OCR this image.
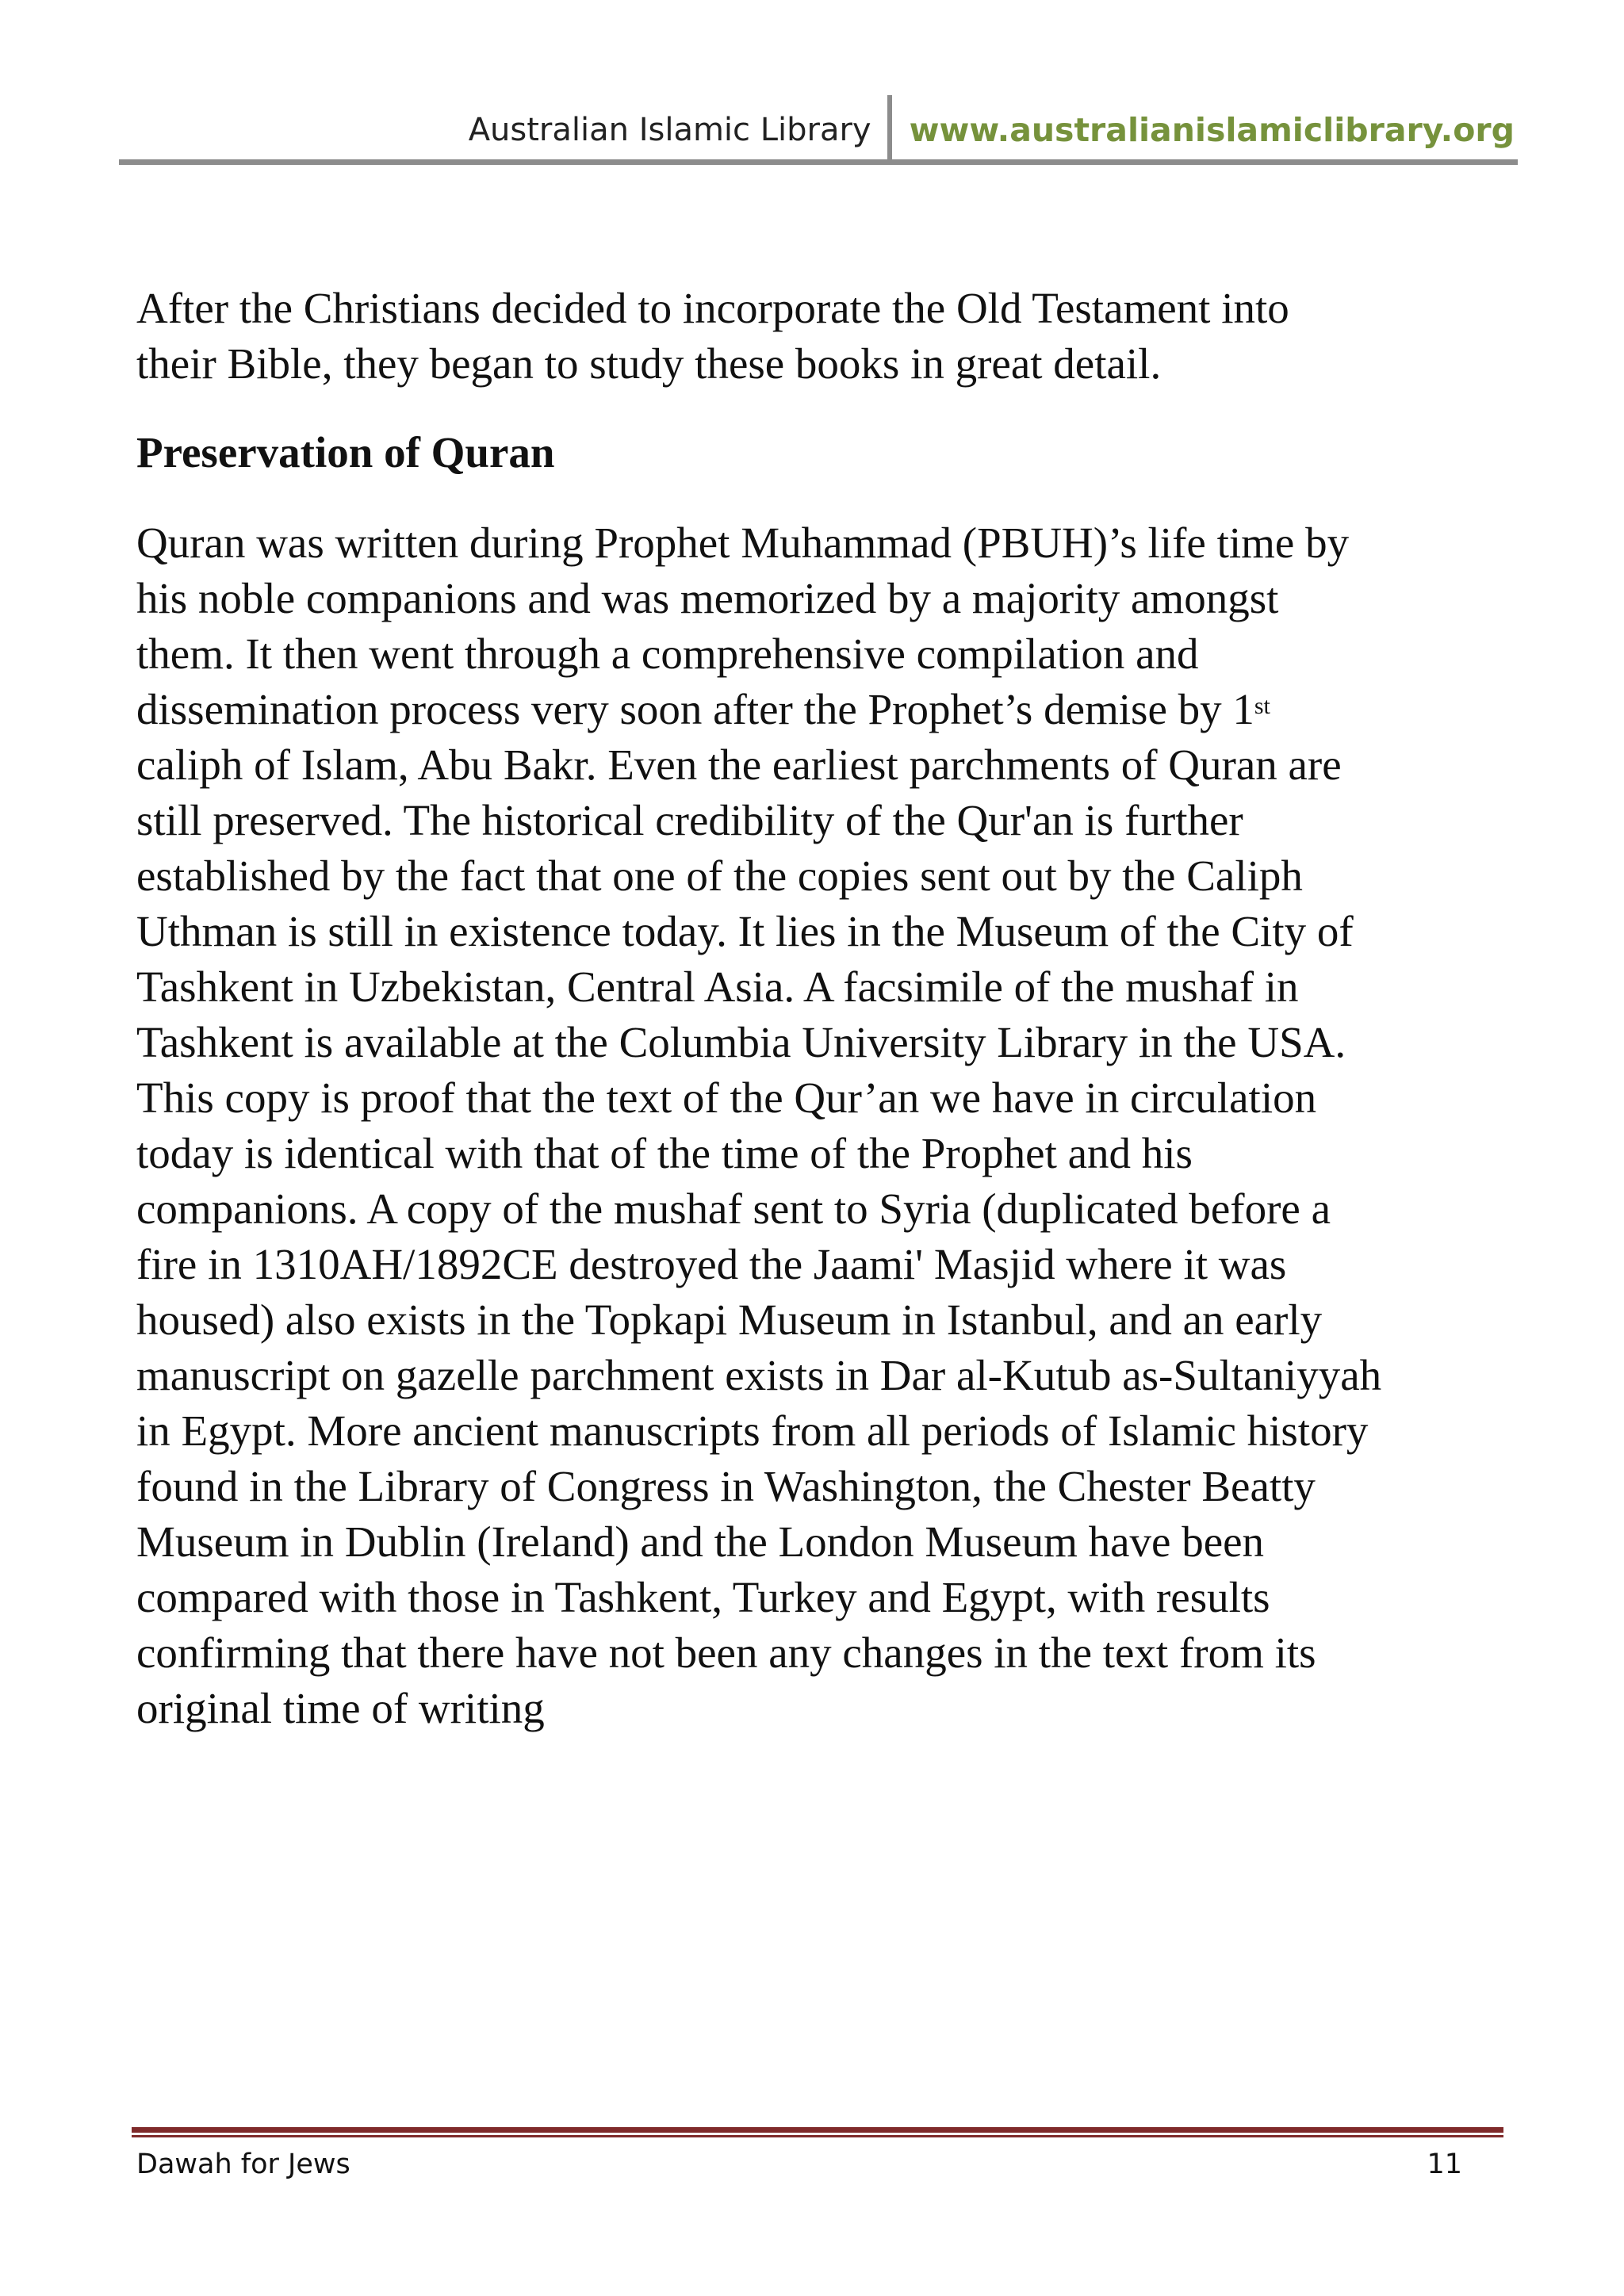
Australian Islamic Library	www.australianislamiclibrary.org

After the Christians decided to incorporate the Old Testament into
their Bible, they began to study these books in great detail.

Preservation of Quran

Quran was written during Prophet Muhammad (PBUH)’s life time by
his noble companions and was memorized by a majority amongst
them. It then went through a comprehensive compilation and
dissemination process very soon after the Prophet’s demise by 1st
caliph of Islam, Abu Bakr. Even the earliest parchments of Quran are
still preserved. The historical credibility of the Qur'an is further
established by the fact that one of the copies sent out by the Caliph
Uthman is still in existence today. It lies in the Museum of the City of
Tashkent in Uzbekistan, Central Asia. A facsimile of the mushaf in
Tashkent is available at the Columbia University Library in the USA.
This copy is proof that the text of the Qur’an we have in circulation
today is identical with that of the time of the Prophet and his
companions. A copy of the mushaf sent to Syria (duplicated before a
fire in 1310AH/1892CE destroyed the Jaami' Masjid where it was
housed) also exists in the Topkapi Museum in Istanbul, and an early
manuscript on gazelle parchment exists in Dar al-Kutub as-Sultaniyyah
in Egypt. More ancient manuscripts from all periods of Islamic history
found in the Library of Congress in Washington, the Chester Beatty
Museum in Dublin (Ireland) and the London Museum have been
compared with those in Tashkent, Turkey and Egypt, with results
confirming that there have not been any changes in the text from its
original time of writing

Dawah for Jews	11
